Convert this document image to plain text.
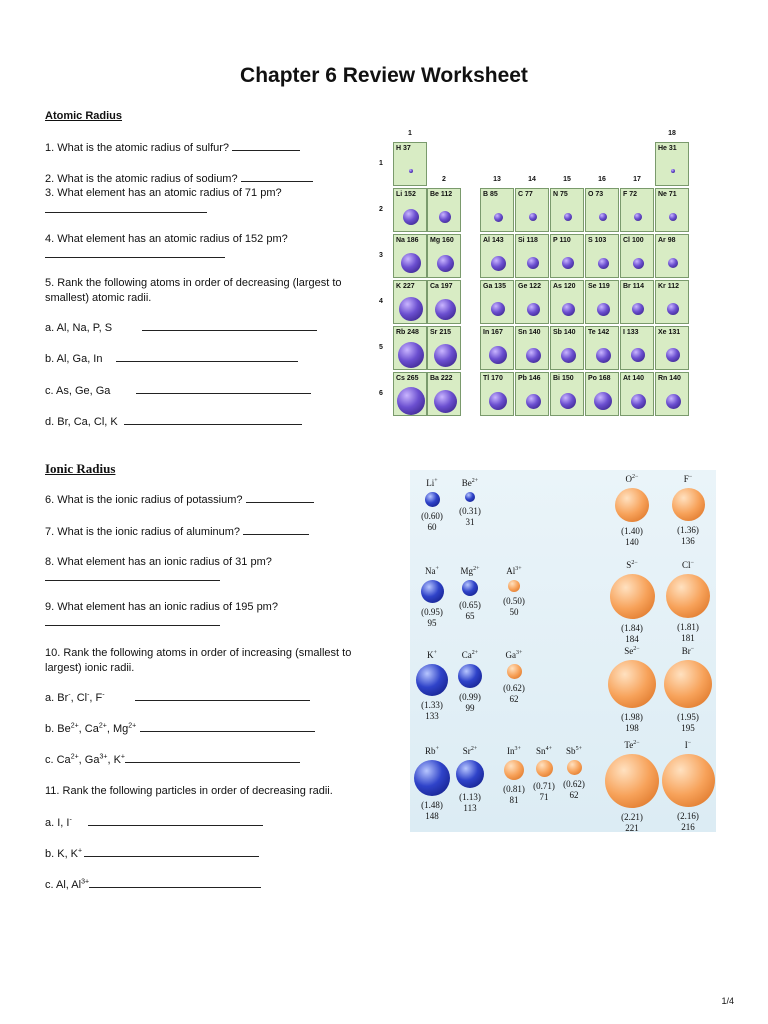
Chapter 6 Review Worksheet
Atomic Radius
1. What is the atomic radius of sulfur?
2. What is the atomic radius of sodium?
3. What element has an atomic radius of 71 pm?
4. What element has an atomic radius of 152 pm?
5. Rank the following atoms in order of decreasing (largest to smallest) atomic radii.
a. Al, Na, P, S
b. Al, Ga, In
c. As, Ge, Ga
d. Br, Ca, Cl, K
Ionic Radius
6. What is the ionic radius of potassium?
7. What is the ionic radius of aluminum?
8. What element has an ionic radius of 31 pm?
9. What element has an ionic radius of 195 pm?
10. Rank the following atoms in order of increasing (smallest to largest) ionic radii.
a. Br-, Cl-, F-
b. $Be^{2+}$, $Ca^{2+}$, $Mg^{2+}$
c. $Ca^{2+}$, $Ga^{3+}$, K+
11. Rank the following particles in order of decreasing radii.
a. I, I-
b. K, K+
c. Al, $Al^{3+}$
1
2	13	14	15	16	17
18
1
2
3
4
5
6
H 37	He 31
Li 152 Be 112	B 85	C 77	N 75	O 73	F 72	Ne 71
Na 186 Mg 160	Al 143 Si 118 P 110 S 103 Cl 100 Ar 98
K 227 Ca 197	Ga 135 Ge 122 As 120 Se 119 Br 114 Kr 112
Rb 248 Sr 215	In 167 Sn 140 Sb 140 Te 142 I 133	Xe 131
Cs 265 Ba 222	Tl 170 Pb 146 Bi 150 Po 168 At 140 Rn 140
Li+
(0.60)
60
$Be^{2+}$
(0.31)
31
$O^{2-}$
(1.40)
140
F−
(1.36)
136
Na+
(0.95)
95
$Mg^{2+}$
(0.65)
65
$Al^{3+}$
(0.50)
50
$S^{2-}$
(1.84)
184
Cl−
(1.81)
181
K+
(1.33)
133
$Ca^{2+}$
(0.99)
99
$Ga^{3+}$
(0.62)
62
$Se^{2-}$
(1.98)
198
Br−
(1.95)
195
Rb+
(1.48)
148
$Sr^{2+}$
(1.13)
113
$In^{3+}$
(0.81)
81
$Sn^{4+}$
(0.71)
71
$Sb^{5+}$
(0.62)
62
$Te^{2-}$
(2.21)
221
I−
(2.16)
216
1/4
